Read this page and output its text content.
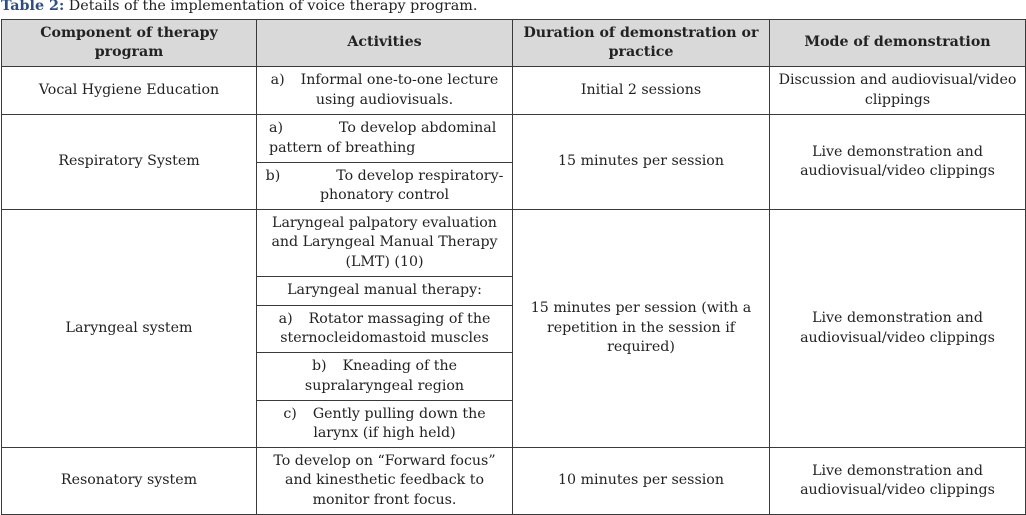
Table 2: Details of the implementation of voice therapy program.
Component of therapy program	Activities	Duration of demonstration or practice	Mode of demonstration
Vocal Hygiene Education	a) Informal one-to-one lecture using audiovisuals.	Initial 2 sessions	Discussion and audiovisual/video clippings
Respiratory System	a) To develop abdominal pattern of breathing	15 minutes per session	Live demonstration and audiovisual/video clippings
	b) To develop respiratory-phonatory control		
Laryngeal system	Laryngeal palpatory evaluation and Laryngeal Manual Therapy (LMT) (10)	15 minutes per session (with a repetition in the session if required)	Live demonstration and audiovisual/video clippings
	Laryngeal manual therapy:		
	a) Rotator massaging of the sternocleidomastoid muscles		
	b) Kneading of the supralaryngeal region		
	c) Gently pulling down the larynx (if high held)		
Resonatory system	To develop on “Forward focus” and kinesthetic feedback to monitor front focus.	10 minutes per session	Live demonstration and audiovisual/video clippings
